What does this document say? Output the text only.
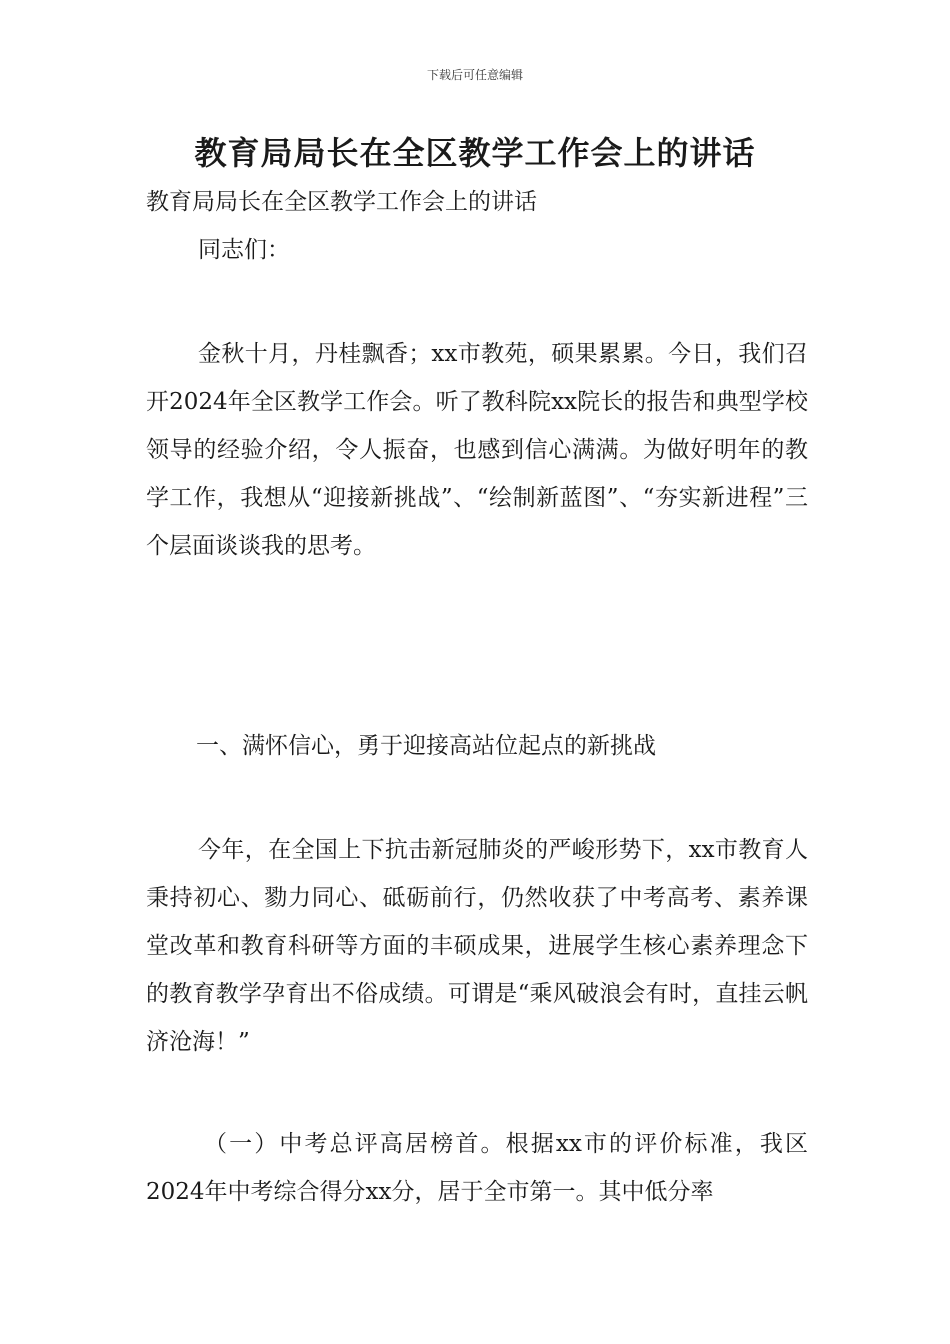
下载后可任意编辑
教育局局长在全区教学工作会上的讲话
教育局局长在全区教学工作会上的讲话
同志们：
金秋十月，丹桂飘香；xx市教苑，硕果累累。今日，我们召开2024年全区教学工作会。听了教科院xx院长的报告和典型学校领导的经验介绍，令人振奋，也感到信心满满。为做好明年的教学工作，我想从“迎接新挑战”、“绘制新蓝图”、“夯实新进程”三个层面谈谈我的思考。
一、满怀信心，勇于迎接高站位起点的新挑战
今年，在全国上下抗击新冠肺炎的严峻形势下，xx市教育人秉持初心、勠力同心、砥砺前行，仍然收获了中考高考、素养课堂改革和教育科研等方面的丰硕成果，进展学生核心素养理念下的教育教学孕育出不俗成绩。可谓是“乘风破浪会有时，直挂云帆济沧海！”
（一）中考总评高居榜首。根据xx市的评价标准，我区2024年中考综合得分xx分，居于全市第一。其中低分率
